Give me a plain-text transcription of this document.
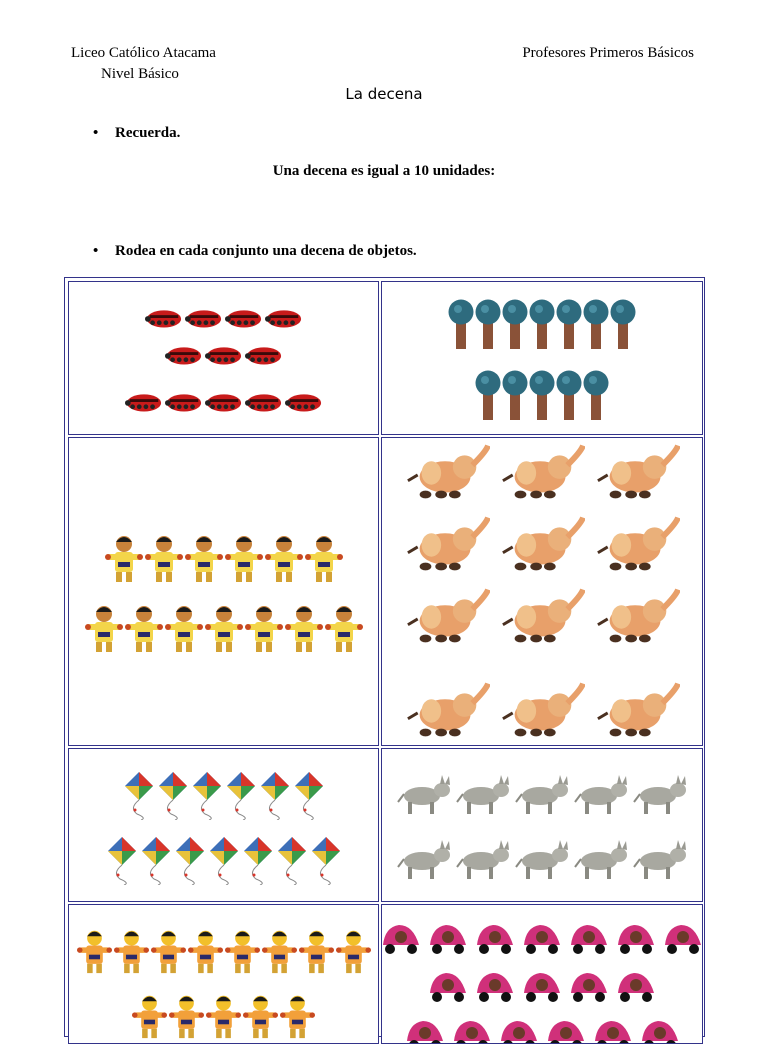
Liceo Católico Atacama
Nivel Básico
Profesores Primeros Básicos
La decena
• Recuerda.
Una decena es igual a 10 unidades:
• Rodea en cada conjunto una decena de objetos.
